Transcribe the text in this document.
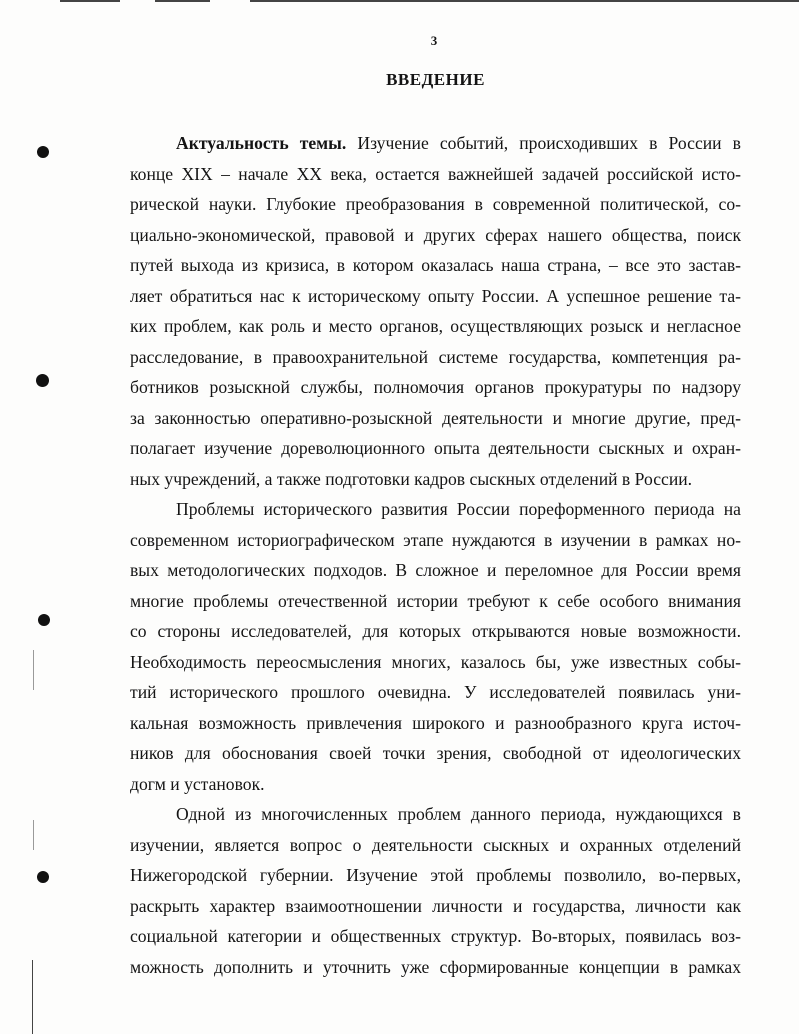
3
ВВЕДЕНИЕ
Актуальность темы. Изучение событий, происходивших в России в
конце XIX – начале XX века, остается важнейшей задачей российской исто-
рической науки. Глубокие преобразования в современной политической, со-
циально-экономической, правовой и других сферах нашего общества, поиск
путей выхода из кризиса, в котором оказалась наша страна, – все это застав-
ляет обратиться нас к историческому опыту России. А успешное решение та-
ких проблем, как роль и место органов, осуществляющих розыск и негласное
расследование, в правоохранительной системе государства, компетенция ра-
ботников розыскной службы, полномочия органов прокуратуры по надзору
за законностью оперативно-розыскной деятельности и многие другие, пред-
полагает изучение дореволюционного опыта деятельности сыскных и охран-
ных учреждений, а также подготовки кадров сыскных отделений в России.
Проблемы исторического развития России пореформенного периода на
современном историографическом этапе нуждаются в изучении в рамках но-
вых методологических подходов. В сложное и переломное для России время
многие проблемы отечественной истории требуют к себе особого внимания
со стороны исследователей, для которых открываются новые возможности.
Необходимость переосмысления многих, казалось бы, уже известных собы-
тий исторического прошлого очевидна. У исследователей появилась уни-
кальная возможность привлечения широкого и разнообразного круга источ-
ников для обоснования своей точки зрения, свободной от идеологических
догм и установок.
Одной из многочисленных проблем данного периода, нуждающихся в
изучении, является вопрос о деятельности сыскных и охранных отделений
Нижегородской губернии. Изучение этой проблемы позволило, во-первых,
раскрыть характер взаимоотношении личности и государства, личности как
социальной категории и общественных структур. Во-вторых, появилась воз-
можность дополнить и уточнить уже сформированные концепции в рамках
